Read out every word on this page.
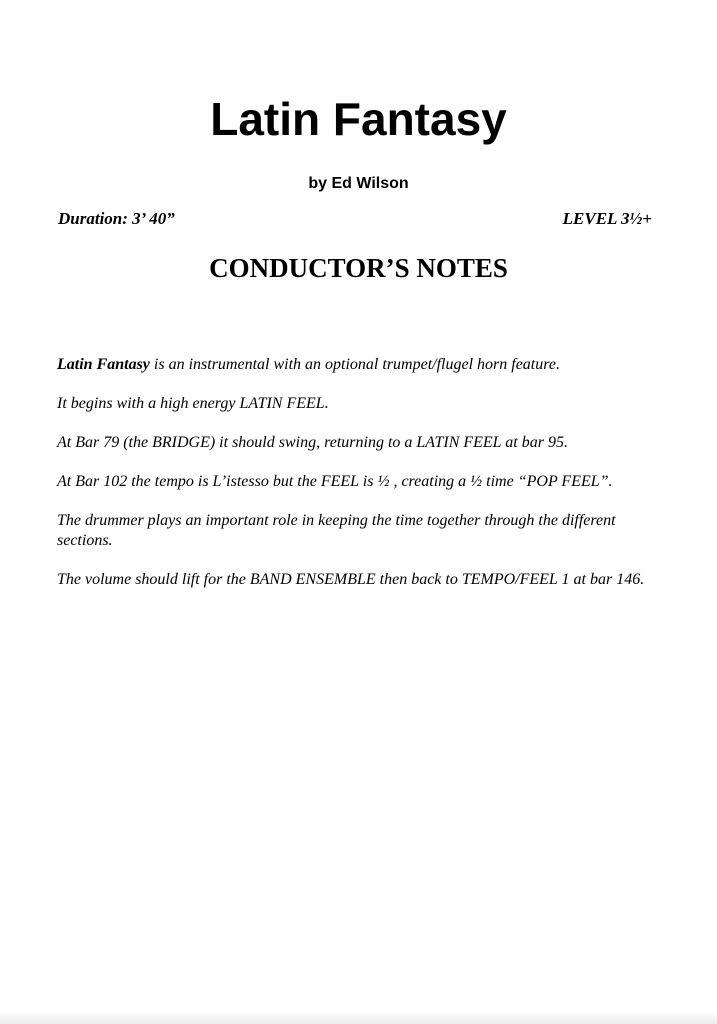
Latin Fantasy
by Ed Wilson
Duration: 3’ 40”	LEVEL 3½+
CONDUCTOR’S NOTES

Latin Fantasy is an instrumental with an optional trumpet/flugel horn feature.

It begins with a high energy LATIN FEEL.

At Bar 79 (the BRIDGE) it should swing, returning to a LATIN FEEL at bar 95.

At Bar 102 the tempo is L’istesso but the FEEL is ½ , creating a ½ time “POP FEEL”.

The drummer plays an important role in keeping the time together through the different sections.

The volume should lift for the BAND ENSEMBLE then back to TEMPO/FEEL 1 at bar 146.
